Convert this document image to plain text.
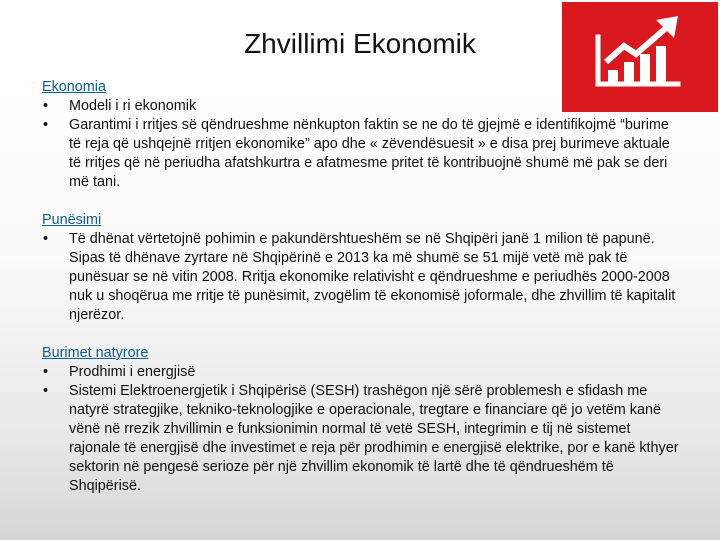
Zhvillimi Ekonomik
Ekonomia
• Modeli i ri ekonomik
• Garantimi i rritjes së qëndrueshme nënkupton faktin se ne do të gjejmë e identifikojmë “burime të reja që ushqejnë rritjen ekonomike” apo dhe « zëvendësuesit » e disa prej burimeve aktuale të rritjes që në periudha afatshkurtra e afatmesme pritet të kontribuojnë shumë më pak se deri më tani.
Punësimi
• Të dhënat vërtetojnë pohimin e pakundërshtueshëm se në Shqipëri janë 1 milion të papunë. Sipas të dhënave zyrtare në Shqipërinë e 2013 ka më shumë se 51 mijë vetë më pak të punësuar se në vitin 2008. Rritja ekonomike relativisht e qëndrueshme e periudhës 2000-2008 nuk u shoqërua me rritje të punësimit, zvogëlim të ekonomisë joformale, dhe zhvillim të kapitalit njerëzor.
Burimet natyrore
• Prodhimi i energjisë
• Sistemi Elektroenergjetik i Shqipërisë (SESH) trashëgon një sërë problemesh e sfidash me natyrë strategjike, tekniko-teknologjike e operacionale, tregtare e financiare që jo vetëm kanë vënë në rrezik zhvillimin e funksionimin normal të vetë SESH, integrimin e tij në sistemet rajonale të energjisë dhe investimet e reja për prodhimin e energjisë elektrike, por e kanë kthyer sektorin në pengesë serioze për një zhvillim ekonomik të lartë dhe të qëndrueshëm të Shqipërisë.
